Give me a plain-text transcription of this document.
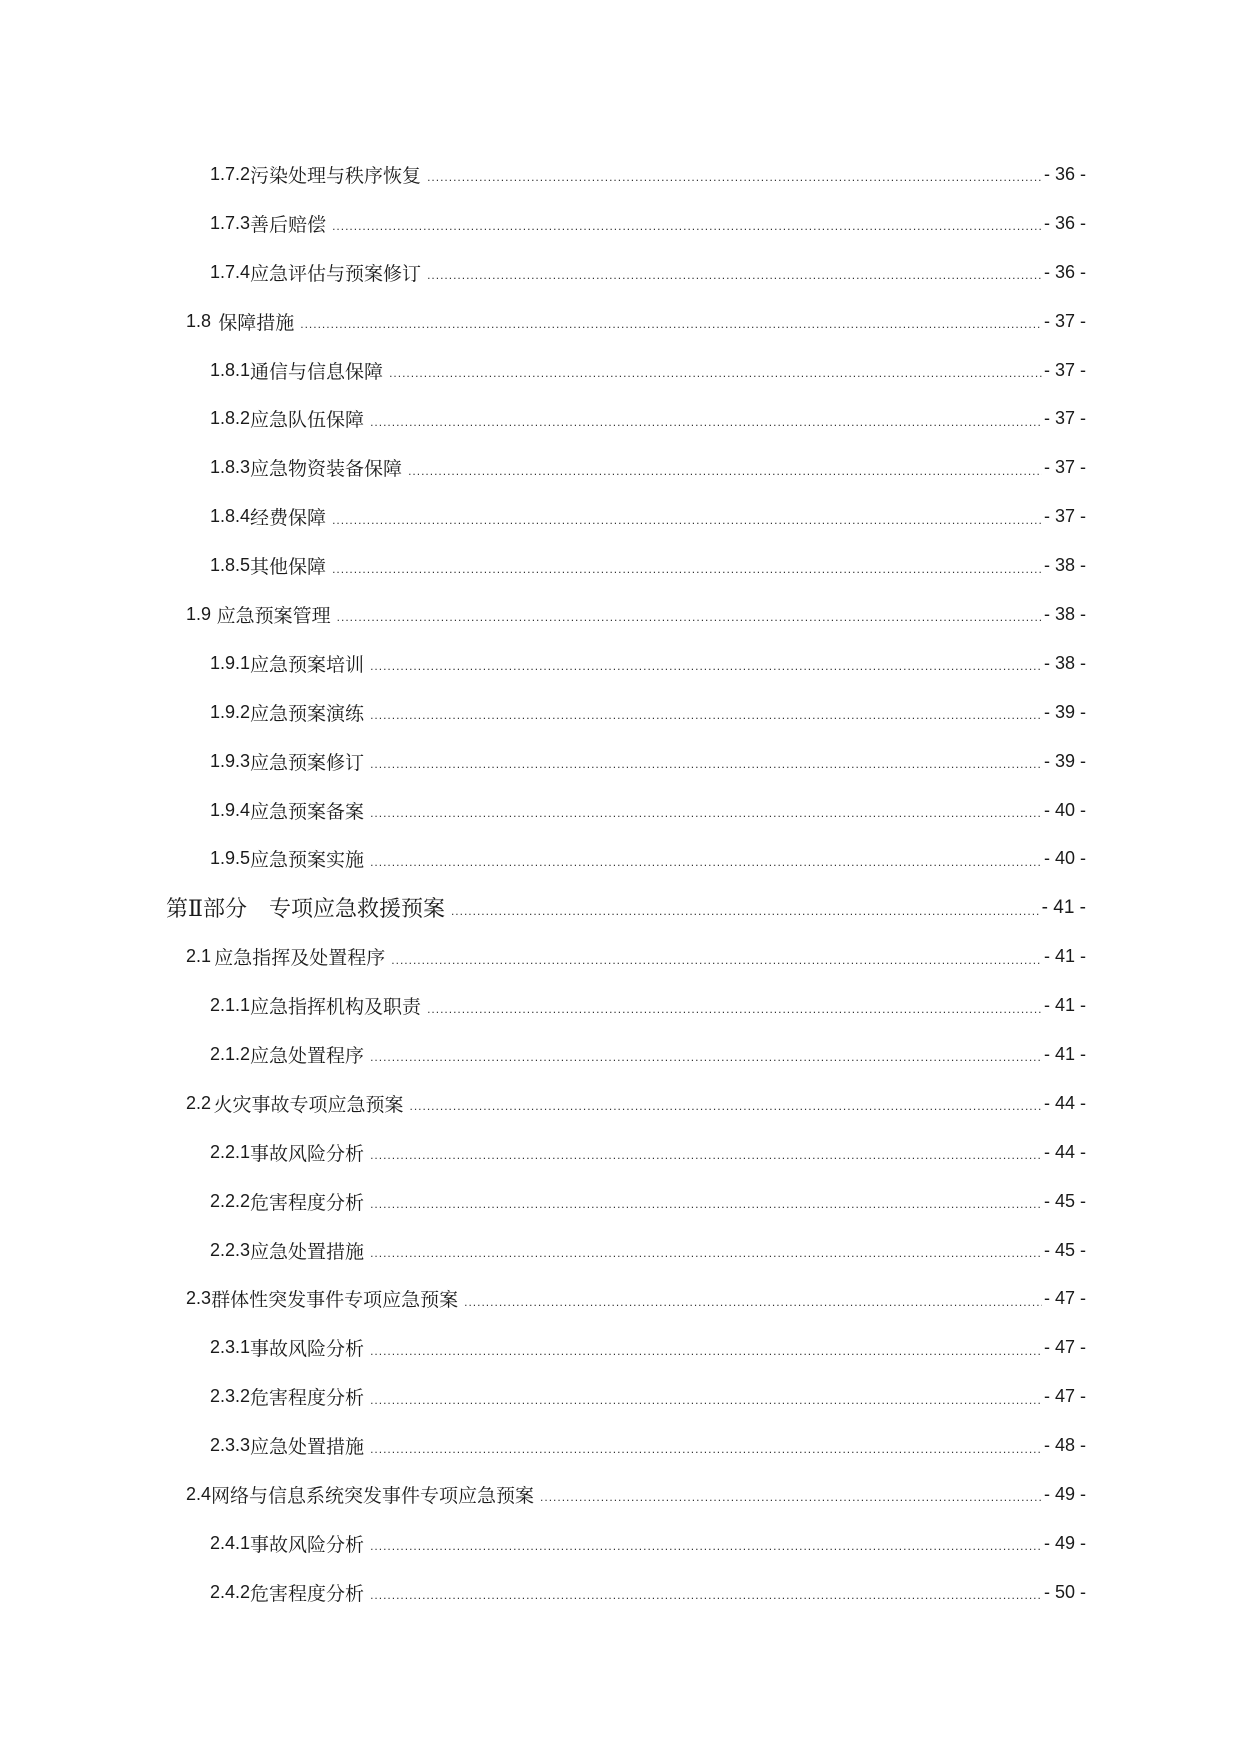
1.7.2 污染处理与秩序恢复 .....	- 36 -
1.7.3 善后赔偿 .....	- 36 -
1.7.4 应急评估与预案修订 .....	- 36 -
1.8 保障措施 .....	- 37 -
1.8.1 通信与信息保障 .....	- 37 -
1.8.2 应急队伍保障 .....	- 37 -
1.8.3 应急物资装备保障 .....	- 37 -
1.8.4 经费保障 .....	- 37 -
1.8.5 其他保障 .....	- 38 -
1.9 应急预案管理 .....	- 38 -
1.9.1 应急预案培训 .....	- 38 -
1.9.2 应急预案演练 .....	- 39 -
1.9.3 应急预案修订 .....	- 39 -
1.9.4 应急预案备案 .....	- 40 -
1.9.5 应急预案实施 .....	- 40 -
第Ⅱ部分　专项应急救援预案 .....	- 41 -
2.1 应急指挥及处置程序 .....	- 41 -
2.1.1 应急指挥机构及职责 .....	- 41 -
2.1.2 应急处置程序 .....	- 41 -
2.2 火灾事故专项应急预案 .....	- 44 -
2.2.1 事故风险分析 .....	- 44 -
2.2.2 危害程度分析 .....	- 45 -
2.2.3 应急处置措施 .....	- 45 -
2.3 群体性突发事件专项应急预案 .....	- 47 -
2.3.1 事故风险分析 .....	- 47 -
2.3.2 危害程度分析 .....	- 47 -
2.3.3 应急处置措施 .....	- 48 -
2.4 网络与信息系统突发事件专项应急预案 .....	- 49 -
2.4.1 事故风险分析 .....	- 49 -
2.4.2 危害程度分析 .....	- 50 -
